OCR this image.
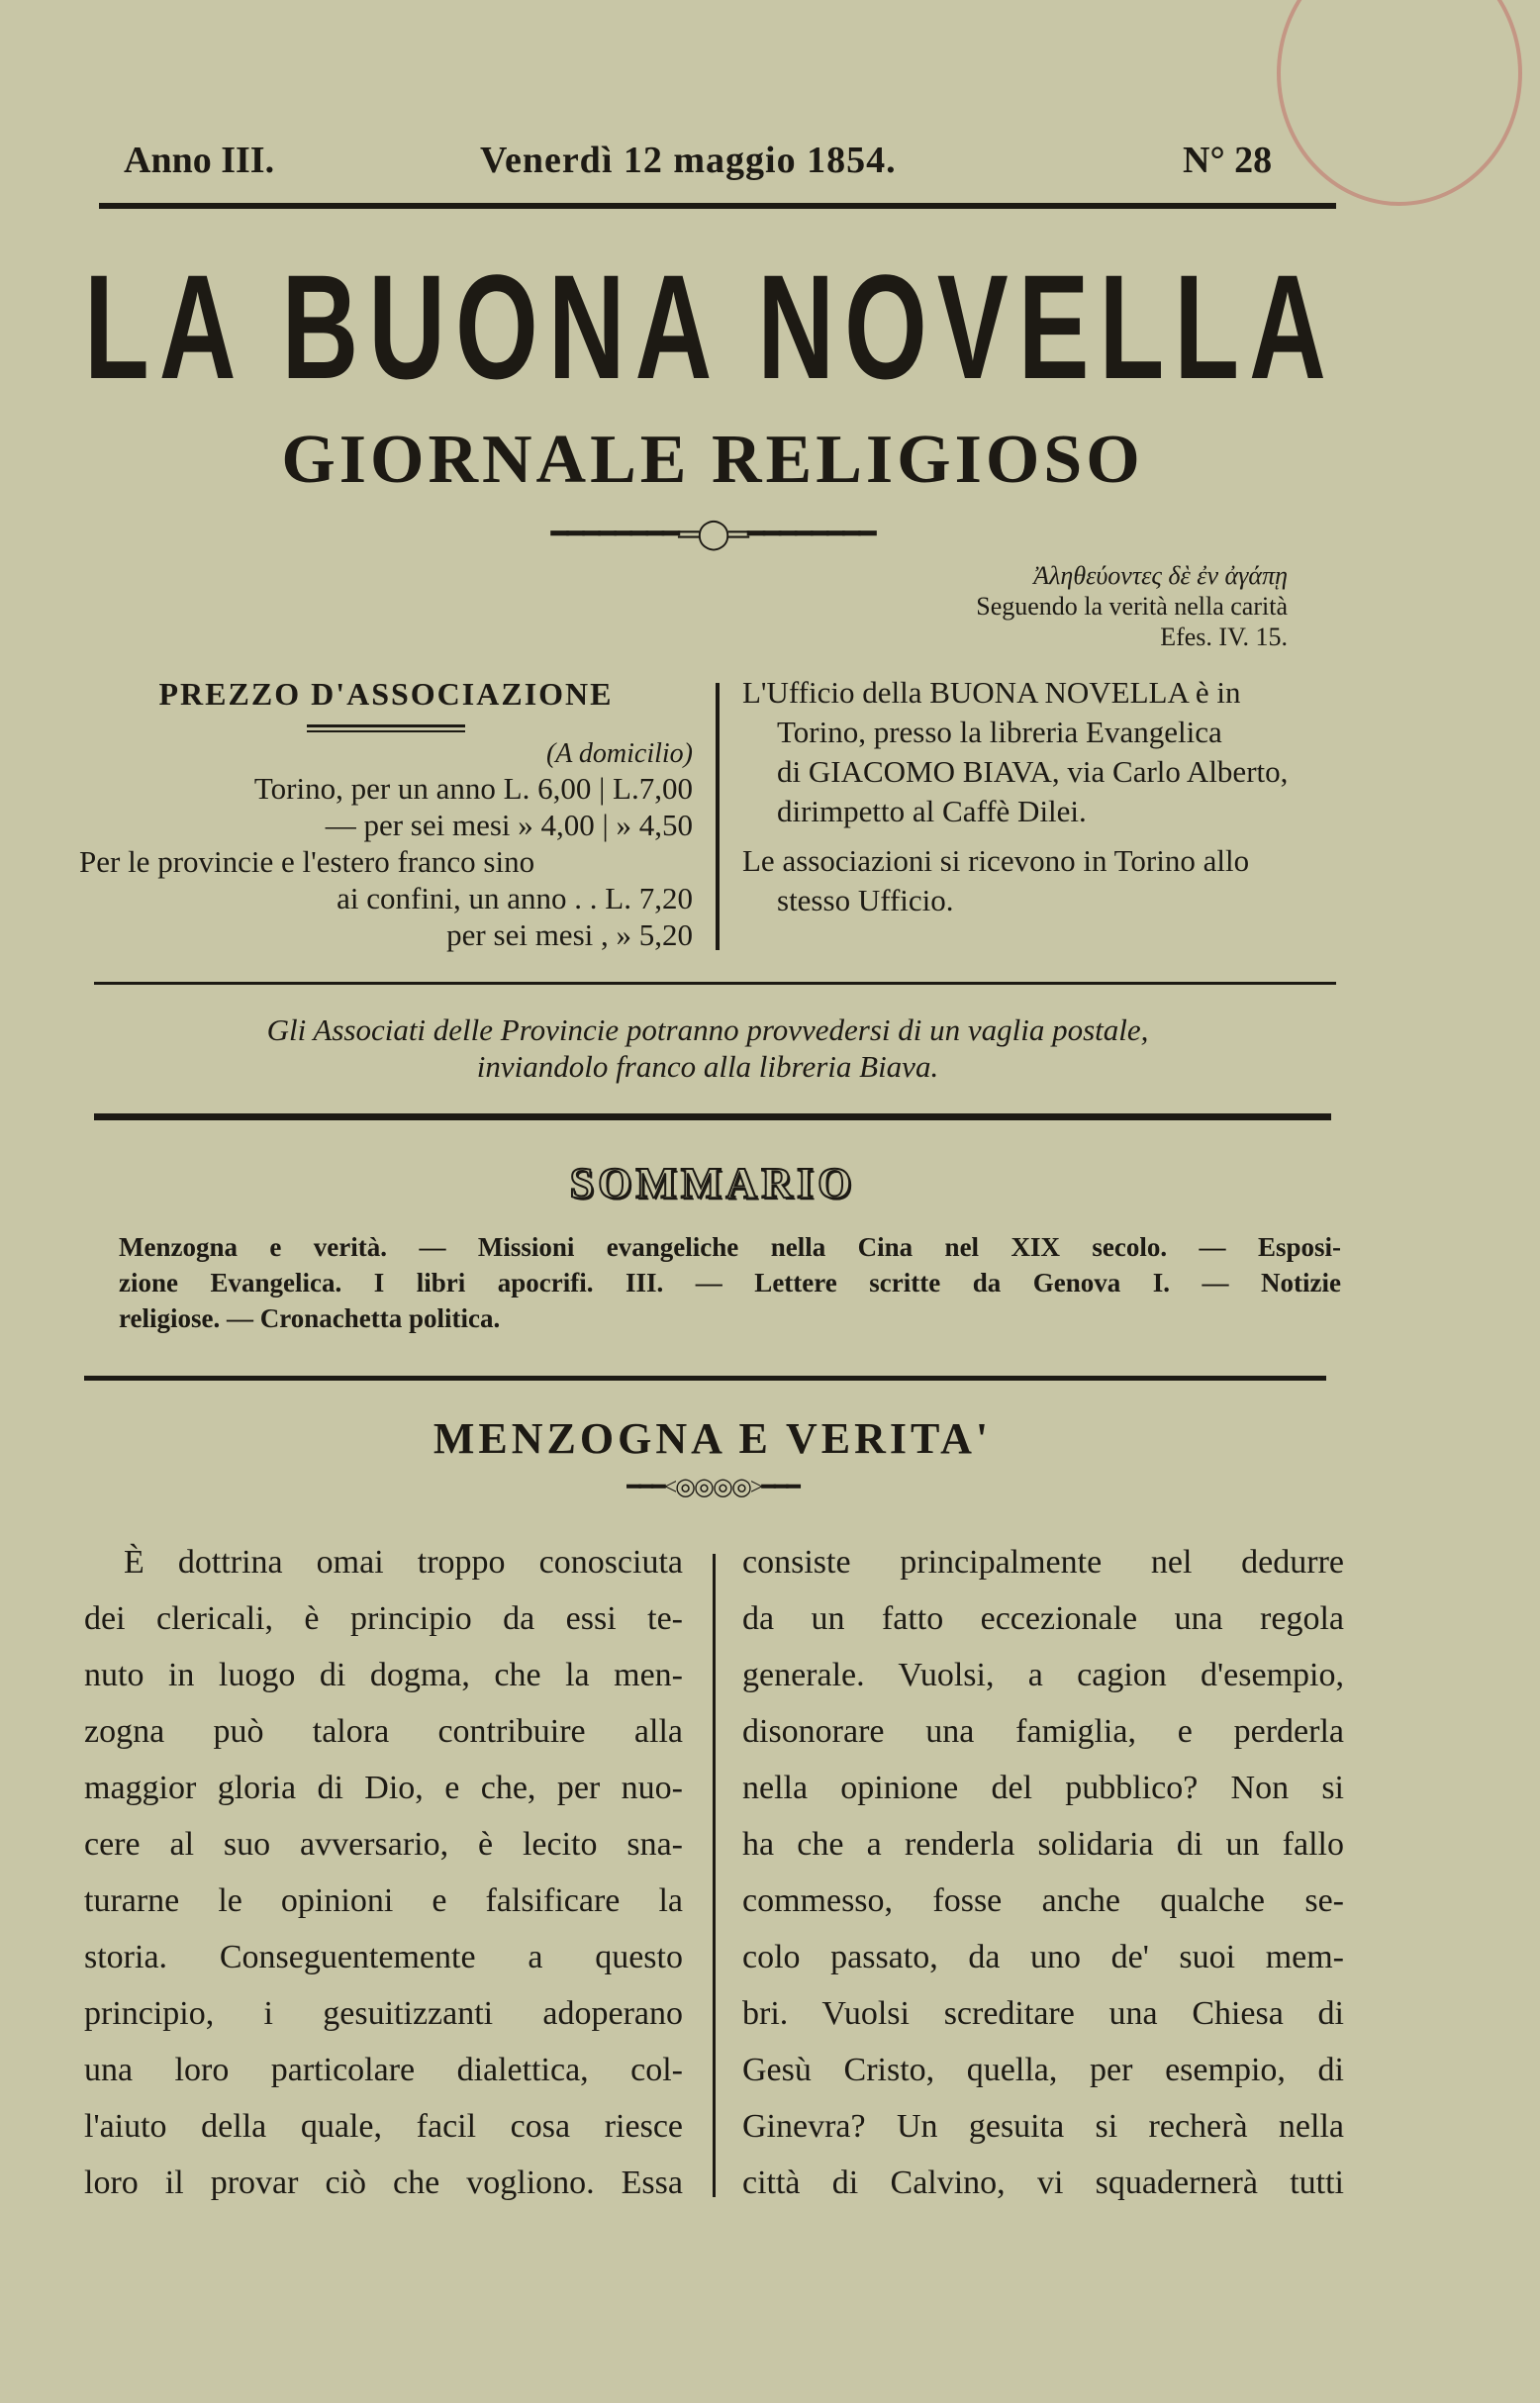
Anno III.	Venerdì 12 maggio 1854.	N° 28
LA BUONA NOVELLA
GIORNALE RELIGIOSO
━━━━━━━━═◯═━━━━━━━━
Ἀληθεύοντες δὲ ἐν ἀγάπῃ
Seguendo la verità nella carità
Efes. IV. 15.
PREZZO D'ASSOCIAZIONE
(A domicilio)
Torino, per un anno L. 6,00 | L.7,00
— per sei mesi » 4,00 | » 4,50
Per le provincie e l'estero franco sino
ai confini, un anno . . L. 7,20
per sei mesi , » 5,20
L'Ufficio della BUONA NOVELLA è in
Torino, presso la libreria Evangelica
di GIACOMO BIAVA, via Carlo Alberto,
dirimpetto al Caffè Dilei.
Le associazioni si ricevono in Torino allo
stesso Ufficio.
Gli Associati delle Provincie potranno provvedersi di un vaglia postale,
inviandolo franco alla libreria Biava.
SOMMARIO
Menzogna e verità. — Missioni evangeliche nella Cina nel XIX secolo. — Esposi-
zione Evangelica. I libri apocrifi. III. — Lettere scritte da Genova I. — Notizie
religiose. — Cronachetta politica.
MENZOGNA E VERITA'
━━━<◎◎◎◎>━━━
È dottrina omai troppo conosciuta
dei clericali, è principio da essi te-
nuto in luogo di dogma, che la men-
zogna può talora contribuire alla
maggior gloria di Dio, e che, per nuo-
cere al suo avversario, è lecito sna-
turarne le opinioni e falsificare la
storia. Conseguentemente a questo
principio, i gesuitizzanti adoperano
una loro particolare dialettica, col-
l'aiuto della quale, facil cosa riesce
loro il provar ciò che vogliono. Essa
consiste principalmente nel dedurre
da un fatto eccezionale una regola
generale. Vuolsi, a cagion d'esempio,
disonorare una famiglia, e perderla
nella opinione del pubblico? Non si
ha che a renderla solidaria di un fallo
commesso, fosse anche qualche se-
colo passato, da uno de' suoi mem-
bri. Vuolsi screditare una Chiesa di
Gesù Cristo, quella, per esempio, di
Ginevra? Un gesuita si recherà nella
città di Calvino, vi squadernerà tutti
